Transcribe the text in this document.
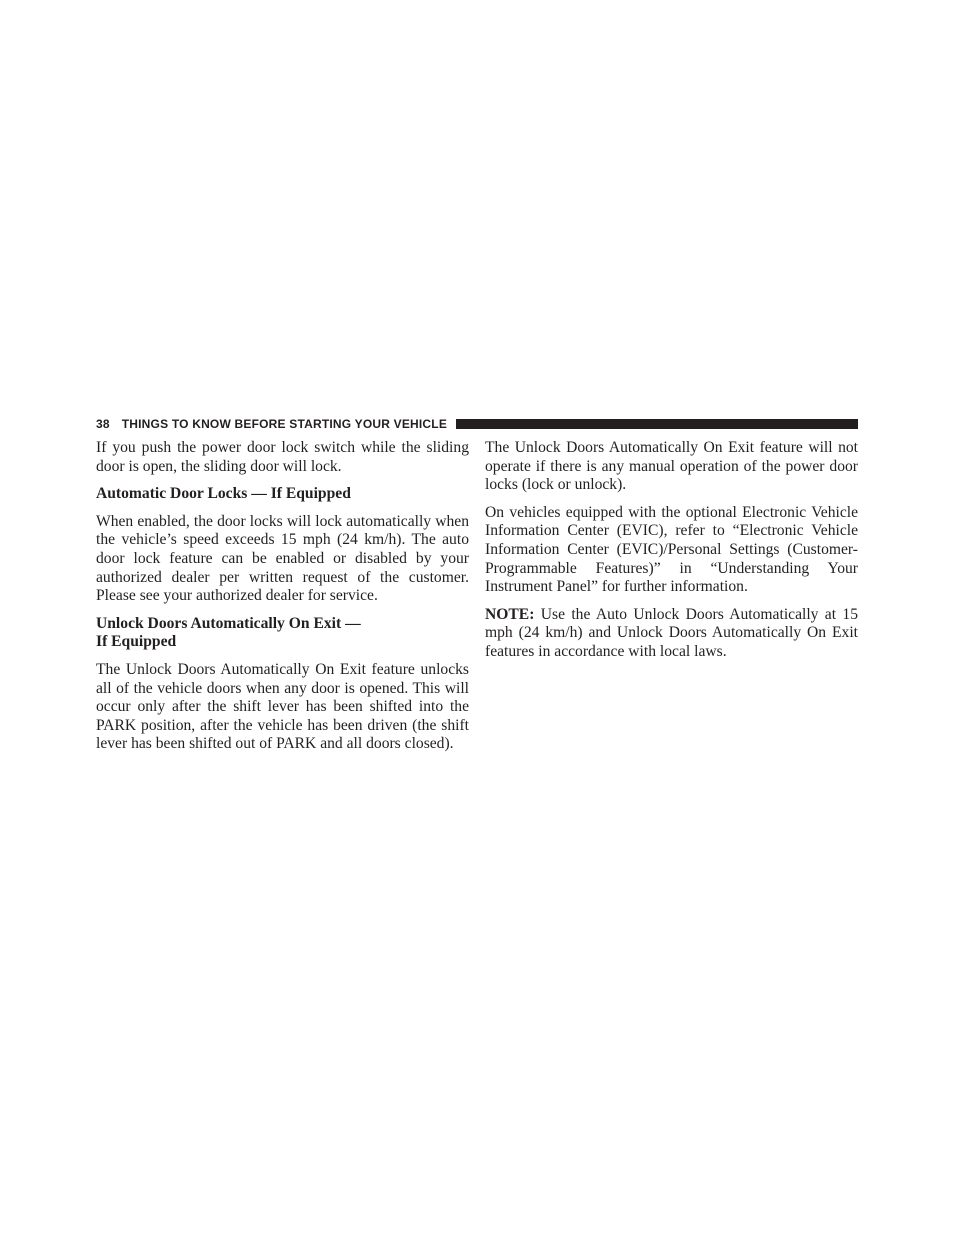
38 THINGS TO KNOW BEFORE STARTING YOUR VEHICLE

If you push the power door lock switch while the sliding door is open, the sliding door will lock.

Automatic Door Locks — If Equipped

When enabled, the door locks will lock automatically when the vehicle’s speed exceeds 15 mph (24 km/h). The auto door lock feature can be enabled or disabled by your authorized dealer per written request of the customer. Please see your authorized dealer for service.

Unlock Doors Automatically On Exit —
If Equipped

The Unlock Doors Automatically On Exit feature unlocks all of the vehicle doors when any door is opened. This will occur only after the shift lever has been shifted into the PARK position, after the vehicle has been driven (the shift lever has been shifted out of PARK and all doors closed).

The Unlock Doors Automatically On Exit feature will not operate if there is any manual operation of the power door locks (lock or unlock).

On vehicles equipped with the optional Electronic Vehicle Information Center (EVIC), refer to “Electronic Vehicle Information Center (EVIC)/Personal Settings (Customer-Programmable Features)” in “Understanding Your Instrument Panel” for further information.

NOTE: Use the Auto Unlock Doors Automatically at 15 mph (24 km/h) and Unlock Doors Automatically On Exit features in accordance with local laws.
